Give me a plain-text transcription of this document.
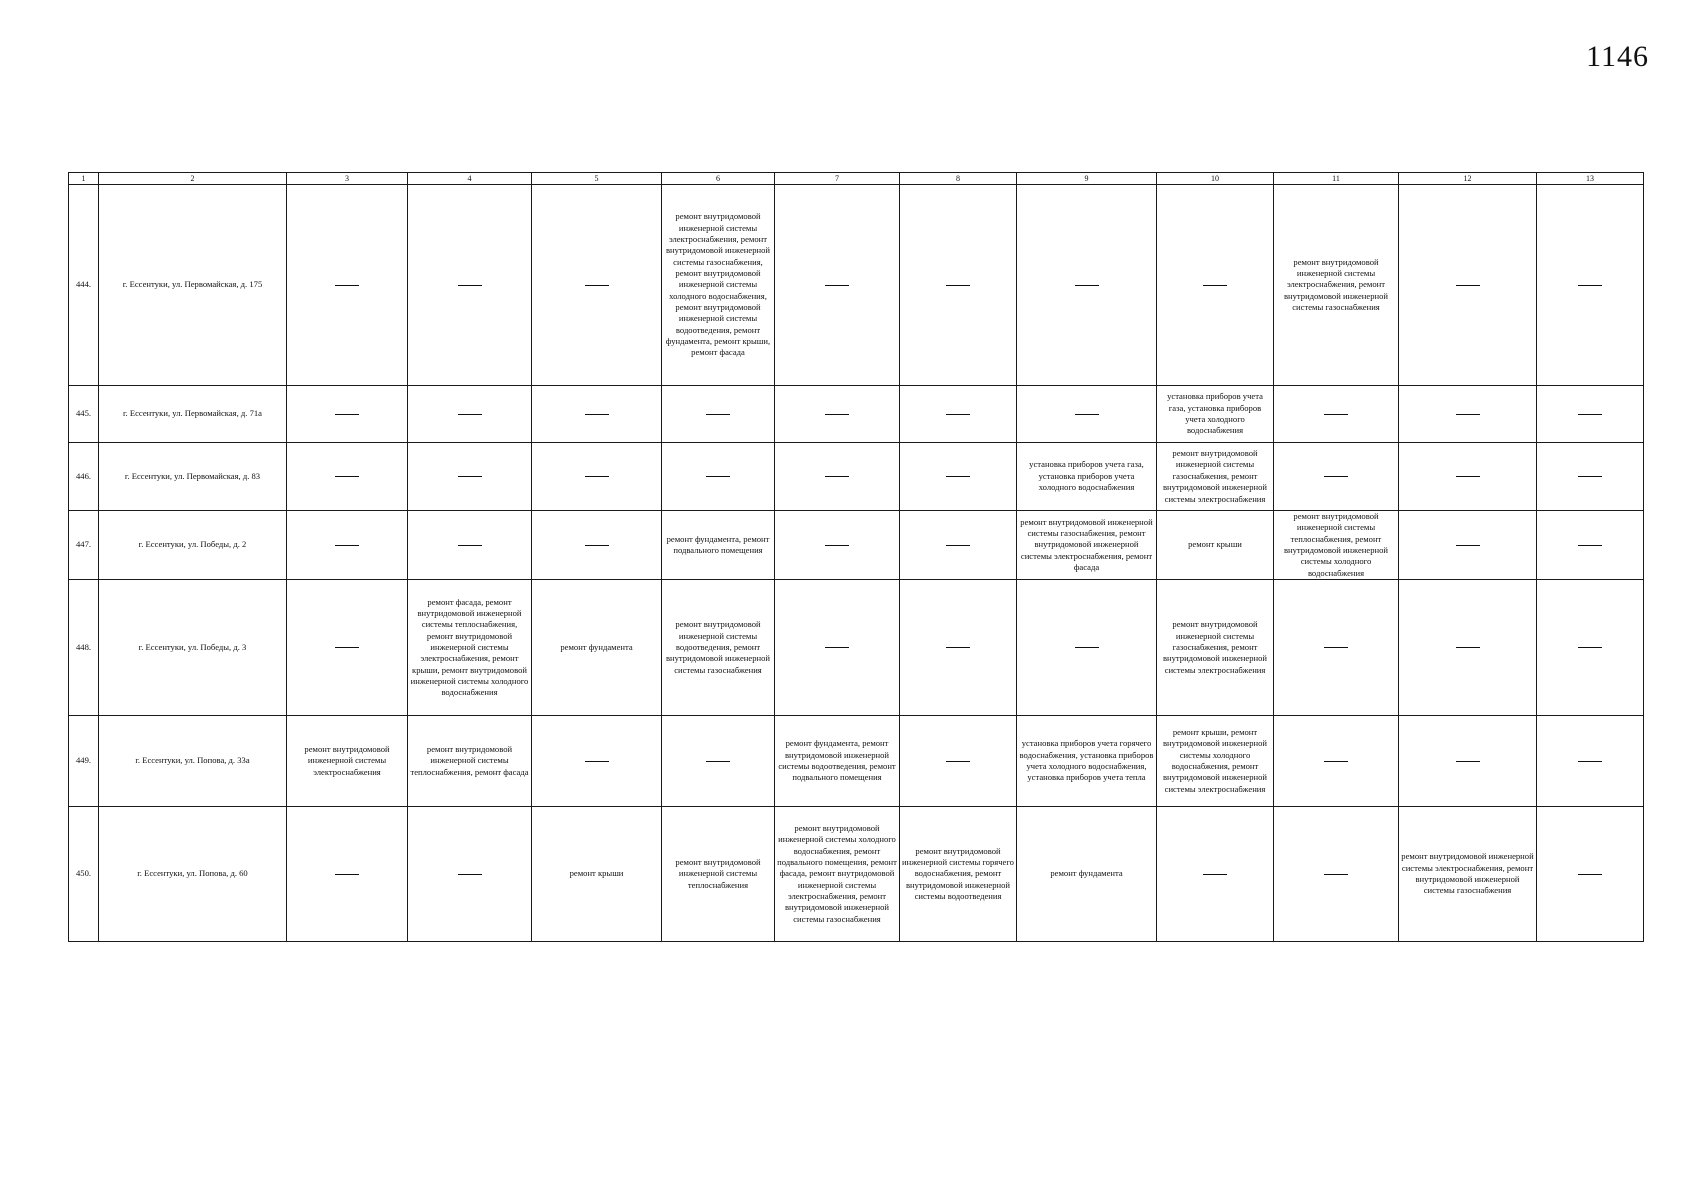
1146
1	2	3	4	5	6	7	8	9	10	11	12	13
444.	г. Ессентуки, ул. Первомайская, д. 175				ремонт внутридомовой инженерной системы электроснабжения, ремонт внутридомовой инженерной системы газоснабжения, ремонт внутридомовой инженерной системы холодного водоснабжения, ремонт внутридомовой инженерной системы водоотведения, ремонт фундамента, ремонт крыши, ремонт фасада					ремонт внутридомовой инженерной системы электроснабжения, ремонт внутридомовой инженерной системы газоснабжения		

445.	г. Ессентуки, ул. Первомайская, д. 71а								установка приборов учета газа, установка приборов учета холодного водоснабжения			

446.	г. Ессентуки, ул. Первомайская, д. 83							установка приборов учета газа, установка приборов учета холодного водоснабжения	ремонт внутридомовой инженерной системы газоснабжения, ремонт внутридомовой инженерной системы электроснабжения			

447.	г. Ессентуки, ул. Победы, д. 2				ремонт фундамента, ремонт подвального помещения			ремонт внутридомовой инженерной системы газоснабжения, ремонт внутридомовой инженерной системы электроснабжения, ремонт фасада	ремонт крыши	ремонт внутридомовой инженерной системы теплоснабжения, ремонт внутридомовой инженерной системы холодного водоснабжения		

448.	г. Ессентуки, ул. Победы, д. 3		ремонт фасада, ремонт внутридомовой инженерной системы теплоснабжения, ремонт внутридомовой инженерной системы электроснабжения, ремонт крыши, ремонт внутридомовой инженерной системы холодного водоснабжения	ремонт фундамента	ремонт внутридомовой инженерной системы водоотведения, ремонт внутридомовой инженерной системы газоснабжения				ремонт внутридомовой инженерной системы газоснабжения, ремонт внутридомовой инженерной системы электроснабжения			

449.	г. Ессентуки, ул. Попова, д. 33а	ремонт внутридомовой инженерной системы электроснабжения	ремонт внутридомовой инженерной системы теплоснабжения, ремонт фасада			ремонт фундамента, ремонт внутридомовой инженерной системы водоотведения, ремонт подвального помещения		установка приборов учета горячего водоснабжения, установка приборов учета холодного водоснабжения, установка приборов учета тепла	ремонт крыши, ремонт внутридомовой инженерной системы холодного водоснабжения, ремонт внутридомовой инженерной системы электроснабжения			

450.	г. Ессентуки, ул. Попова, д. 60			ремонт крыши	ремонт внутридомовой инженерной системы теплоснабжения	ремонт внутридомовой инженерной системы холодного водоснабжения, ремонт подвального помещения, ремонт фасада, ремонт внутридомовой инженерной системы электроснабжения, ремонт внутридомовой инженерной системы газоснабжения	ремонт внутридомовой инженерной системы горячего водоснабжения, ремонт внутридомовой инженерной системы водоотведения	ремонт фундамента			ремонт внутридомовой инженерной системы электроснабжения, ремонт внутридомовой инженерной системы газоснабжения	
